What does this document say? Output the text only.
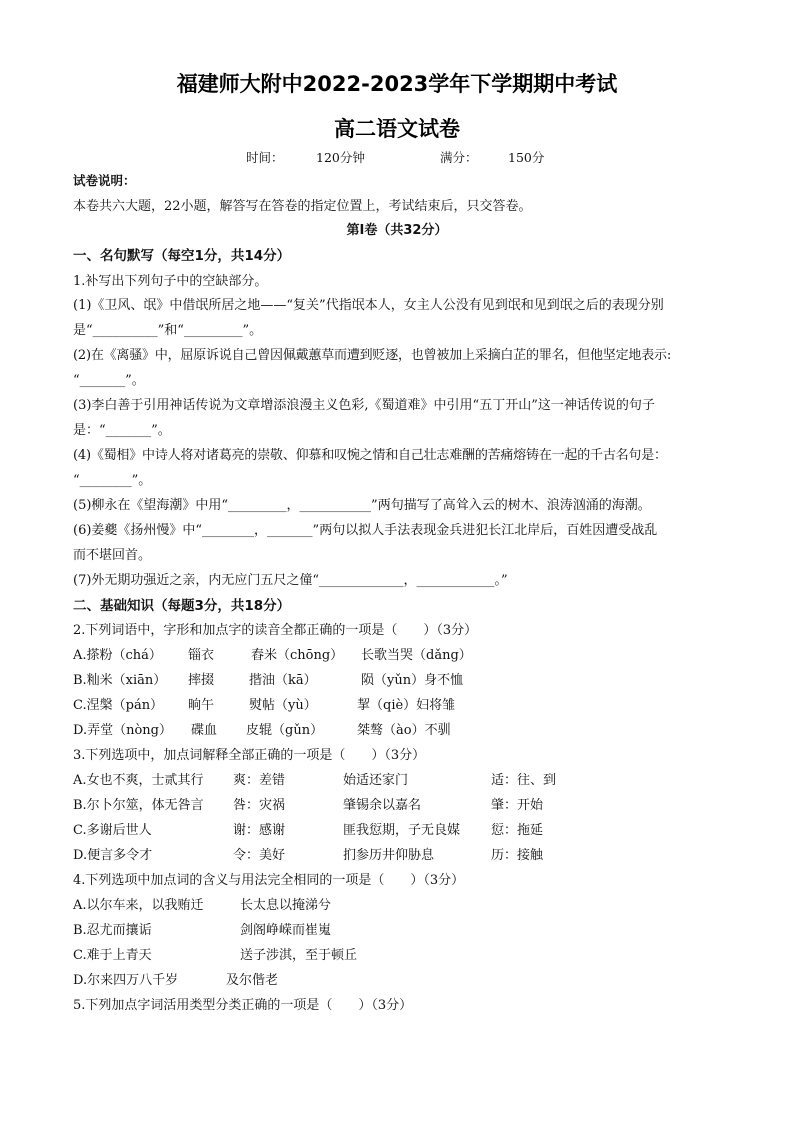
福建师大附中2022-2023学年下学期期中考试
高二语文试卷
时间：	120分钟	满分： 150分
试卷说明：
本卷共六大题，22小题，解答写在答卷的指定位置上，考试结束后，只交答卷。
第Ⅰ卷（共32分）
一、名句默写（每空1分，共14分）
1.补写出下列句子中的空缺部分。
(1)《卫风、氓》中借氓所居之地——“复关”代指氓本人，女主人公没有见到氓和见到氓之后的表现分别
是“__________”和“_________”。
(2)在《离骚》中，屈原诉说自己曾因佩戴蕙草而遭到贬逐，也曾被加上采摘白芷的罪名，但他坚定地表示:
“_______”。
(3)李白善于引用神话传说为文章增添浪漫主义色彩,《蜀道难》中引用“五丁开山”这一神话传说的句子
是：“_______”。
(4)《蜀相》中诗人将对诸葛亮的崇敬、仰慕和叹惋之情和自己壮志难酬的苦痛熔铸在一起的千古名句是：
“________”。
(5)柳永在《望海潮》中用“_________，___________”两句描写了高耸入云的树木、浪涛汹涌的海潮。
(6)姜夔《扬州慢》中“________，_______”两句以拟人手法表现金兵进犯长江北岸后，百姓因遭受战乱
而不堪回首。
(7)外无期功强近之亲，内无应门五尺之僮“_____________，____________。”
二、基础知识（每题3分，共18分）
2.下列词语中，字形和加点字的读音全都正确的一项是（　　）（3分）
A.搽粉（chá） 锱衣	舂米（chōng） 长歌当哭（dǎng）
B.籼米（xiān） 摔掇	揩油（kā）	陨（yǔn）身不恤
C.涅槃（pán） 晌午	熨帖（yù）	挈（qiè）妇将雏
D.弄堂（nòng） 碟血 皮辊（gǔn）	桀骜（ào）不驯
3.下列选项中，加点词解释全部正确的一项是（　　）（3分）
A.女也不爽，士贰其行 爽：差错	始适还家门	适：往、到
B.尔卜尔筮，体无咎言 咎：灾祸	肇锡余以嘉名	肇：开始
C.多谢后世人	谢：感谢	匪我愆期，子无良媒 愆：拖延
D.便言多令才	令：美好	扪参历井仰胁息	历：接触
4.下列选项中加点词的含义与用法完全相同的一项是（　　）（3分）
A.以尔车来，以我贿迁	长太息以掩涕兮
B.忍尤而攘诟	剑阁峥嵘而崔嵬
C.难于上青天	送子涉淇，至于顿丘
D.尔来四万八千岁	及尔偕老
5.下列加点字词活用类型分类正确的一项是（　　）（3分）
